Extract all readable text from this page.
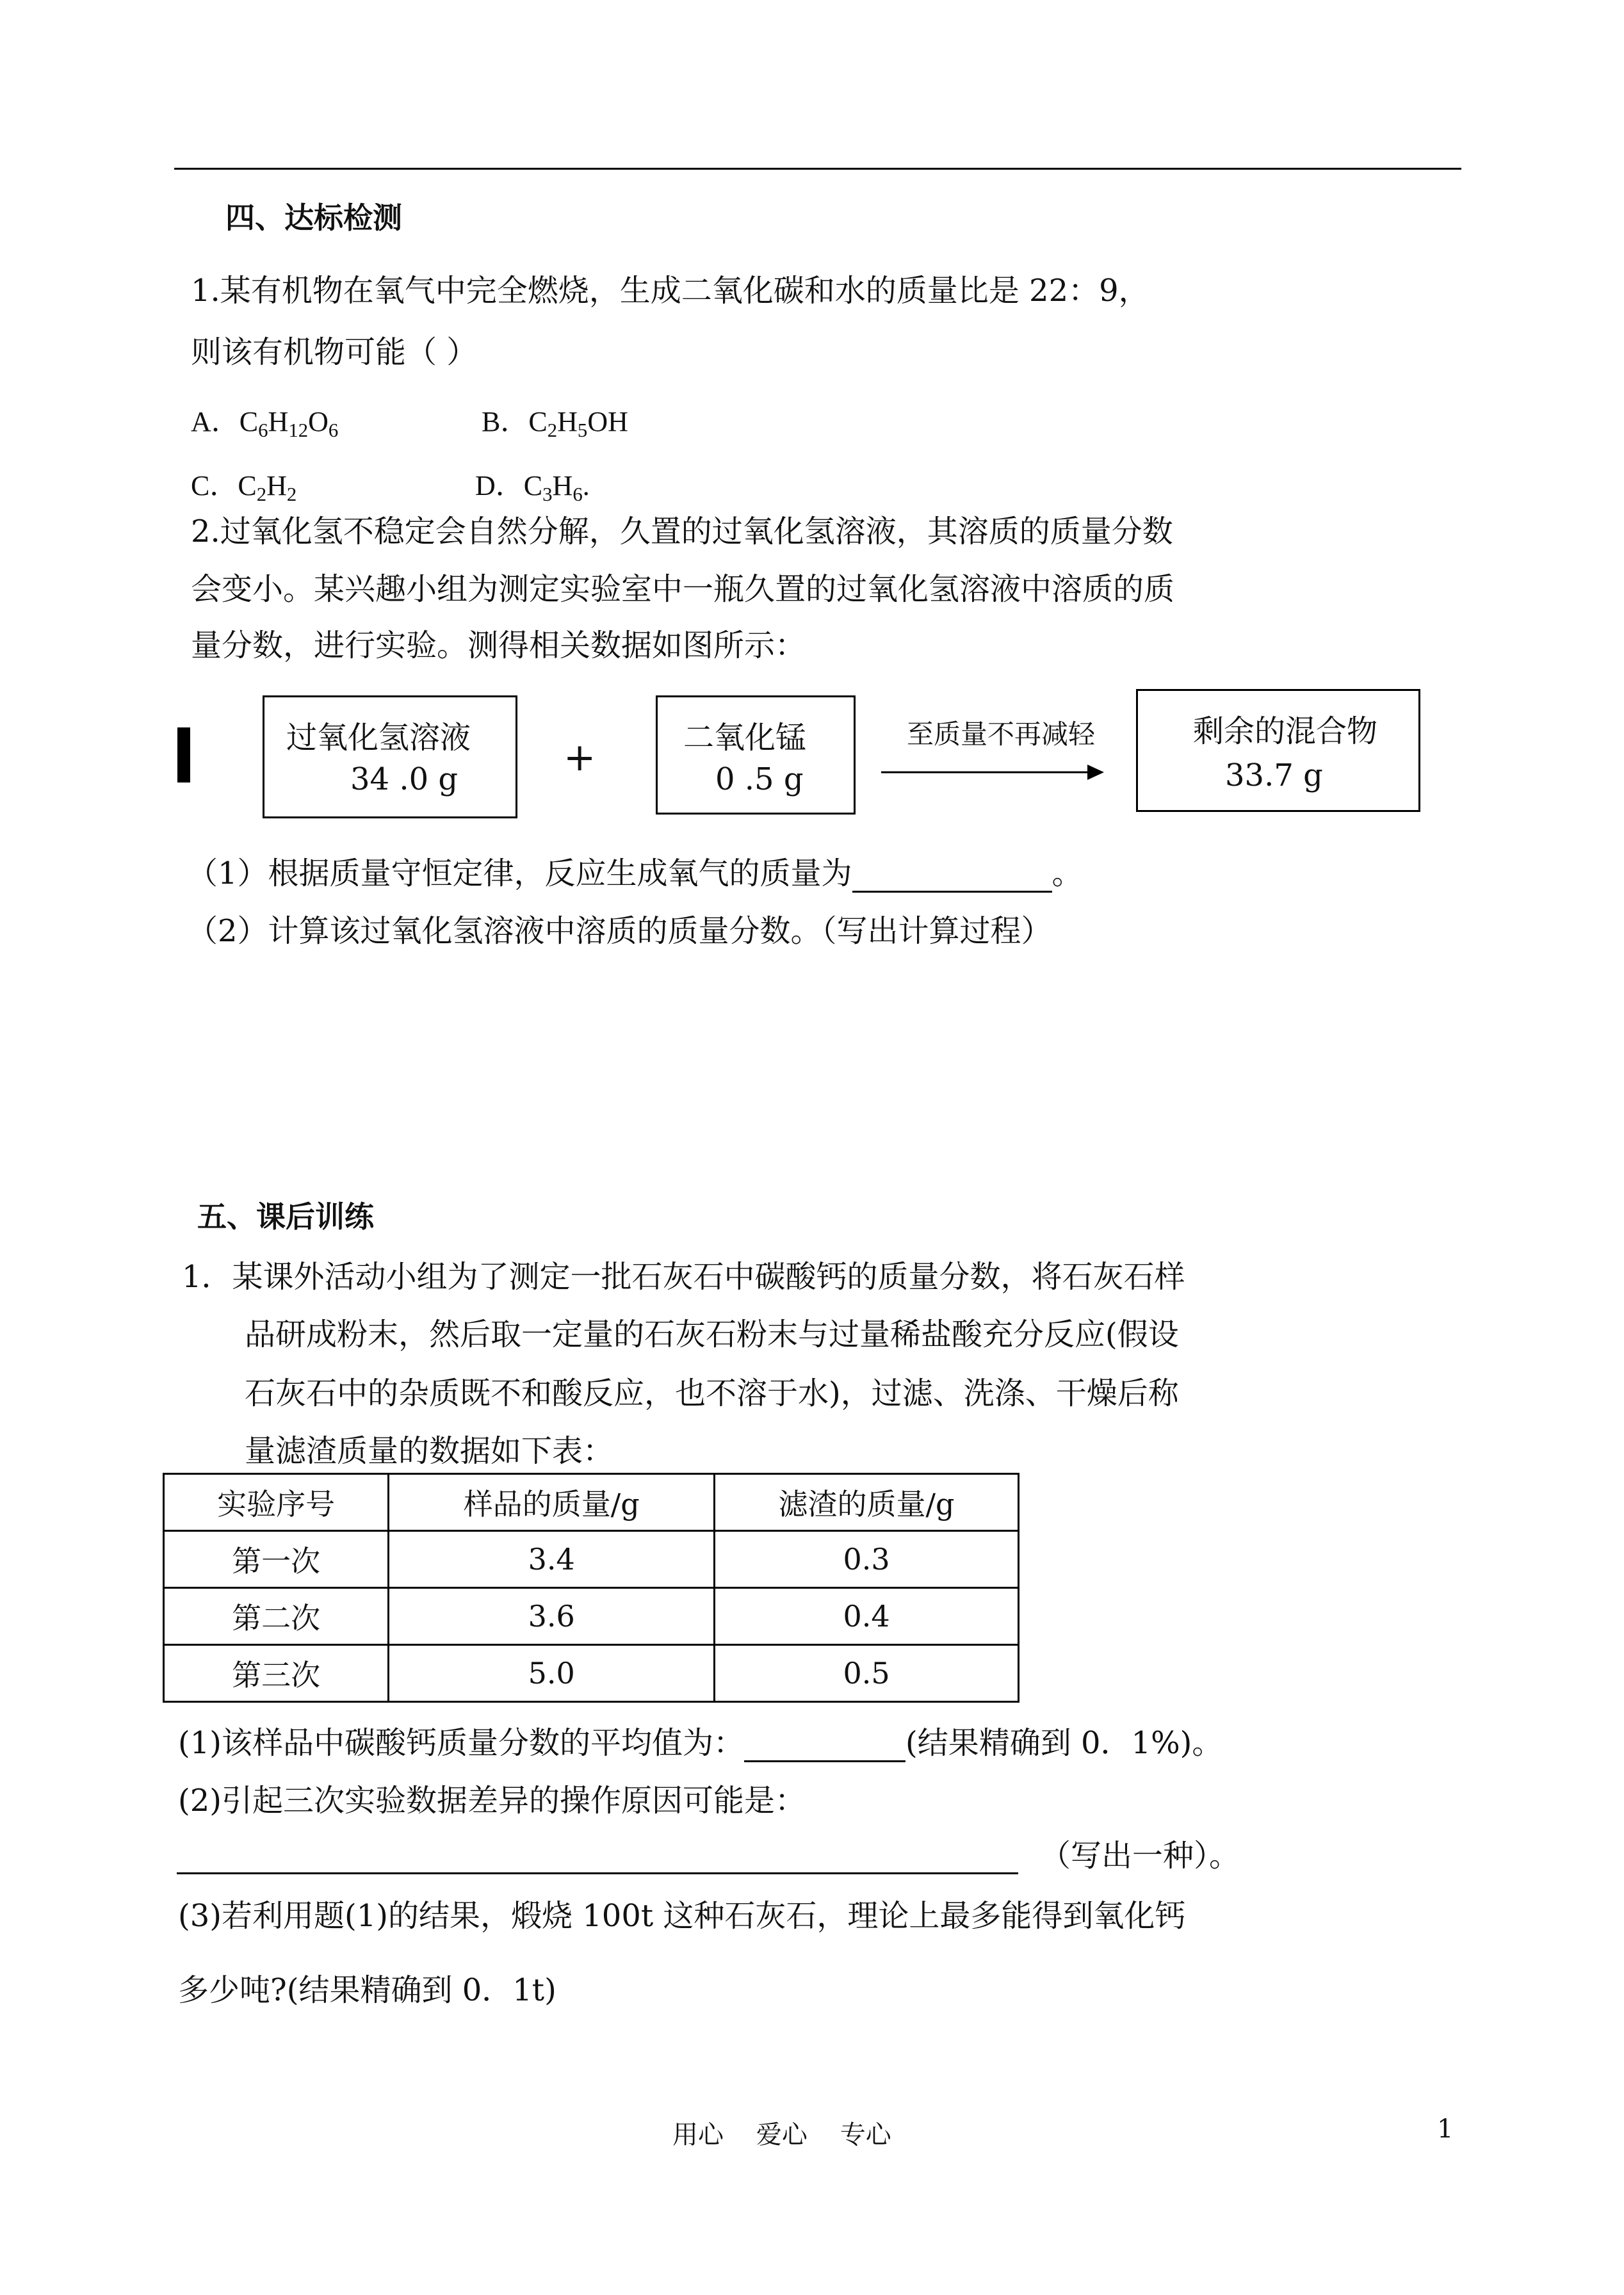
四、达标检测
1.某有机物在氧气中完全燃烧，生成二氧化碳和水的质量比是 22：9，
则该有机物可能（ ）
A．$C_6H_{12}O_6$	B．$C_2H_5OH$
C．$C_2H_2$	D．$C_3H_6$.
2.过氧化氢不稳定会自然分解，久置的过氧化氢溶液，其溶质的质量分数
会变小。某兴趣小组为测定实验室中一瓶久置的过氧化氢溶液中溶质的质
量分数，进行实验。测得相关数据如图所示：
过氧化氢溶液
34 .0 g	+	二氧化锰
0 .5 g
至质量不再减轻	剩余的混合物
33.7 g
（1）根据质量守恒定律，反应生成氧气的质量为	。
（2）计算该过氧化氢溶液中溶质的质量分数。（写出计算过程）
五、课后训练
1．某课外活动小组为了测定一批石灰石中碳酸钙的质量分数，将石灰石样
品研成粉末，然后取一定量的石灰石粉末与过量稀盐酸充分反应(假设
石灰石中的杂质既不和酸反应，也不溶于水)，过滤、洗涤、干燥后称
量滤渣质量的数据如下表：
实验序号	样品的质量/g	滤渣的质量/g
第一次	3.4	0.3
第二次	3.6	0.4
第三次	5.0	0.5
(1)该样品中碳酸钙质量分数的平均值为：	(结果精确到 0．1%)。
(2)引起三次实验数据差异的操作原因可能是：
（写出一种）。
(3)若利用题(1)的结果，煅烧 100t 这种石灰石，理论上最多能得到氧化钙
多少吨?(结果精确到 0．1t)
用心    爱心    专心	1
